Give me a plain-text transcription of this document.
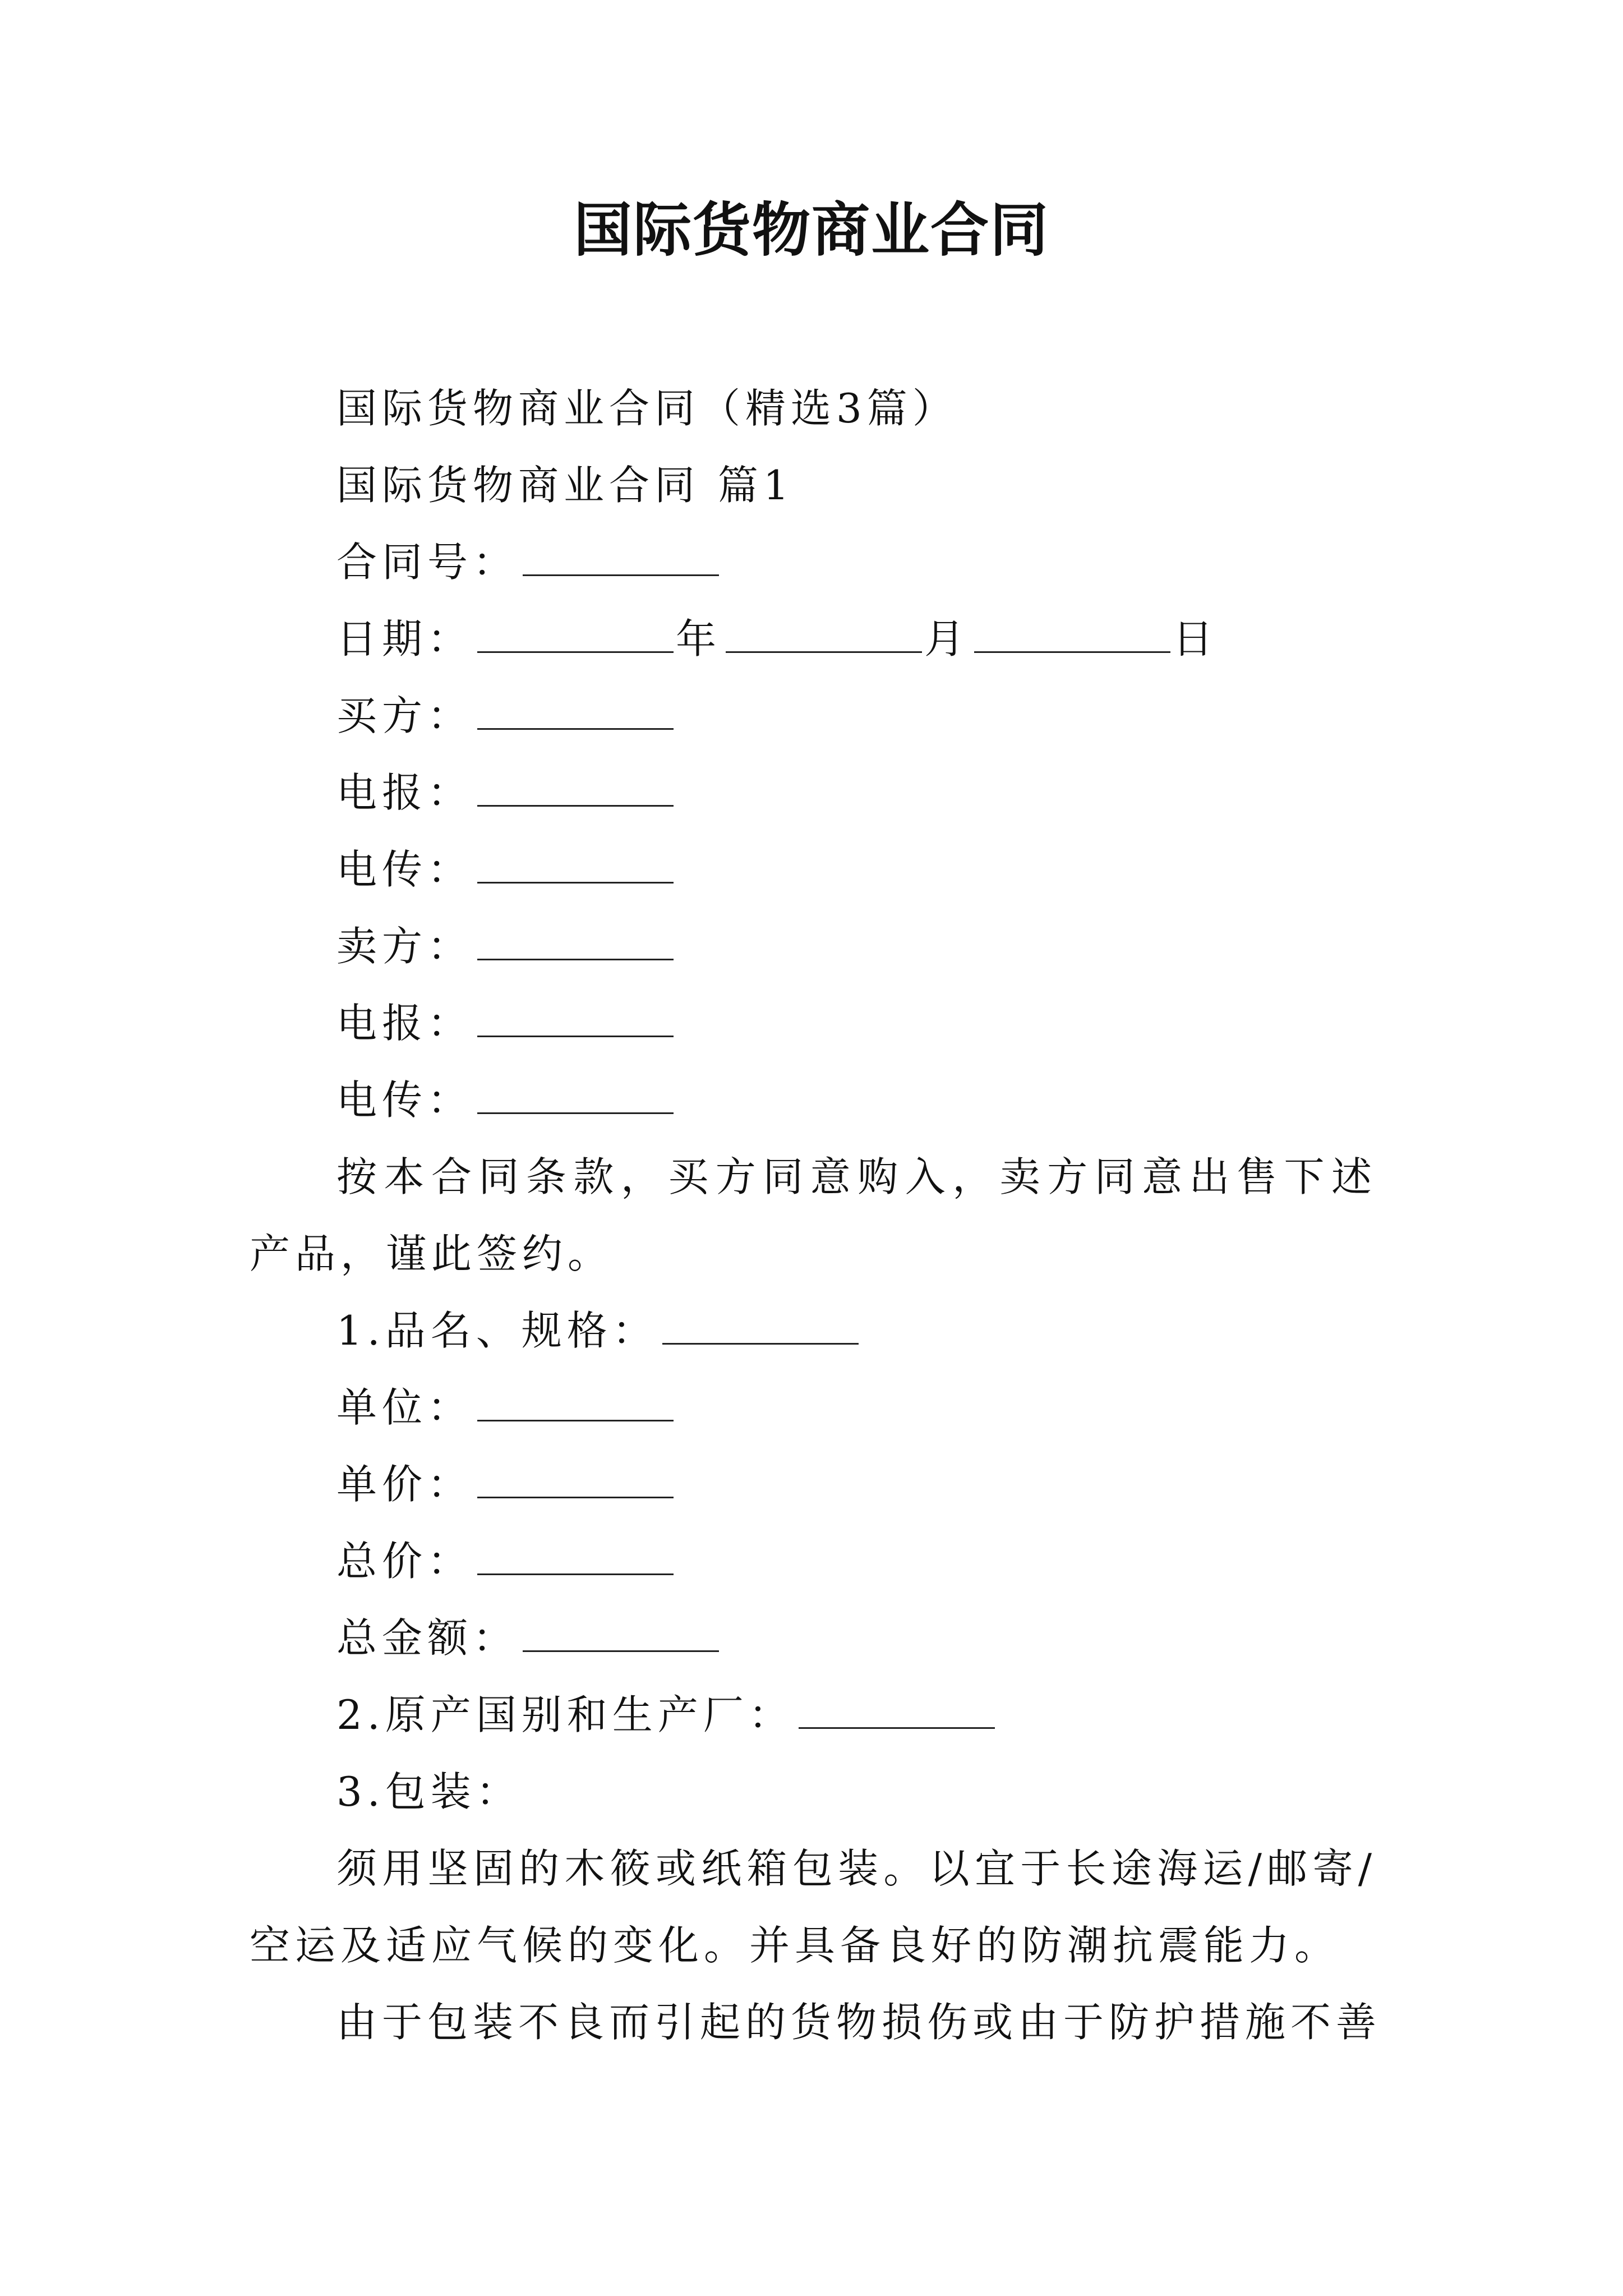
国际货物商业合同
国际货物商业合同（精选3篇）
国际货物商业合同 篇1
合同号：
日期：	年	月	日
买方：
电报：
电传：
卖方：
电报：
电传：

按本合同条款，买方同意购入，卖方同意出售下述产品，谨此签约。

1.品名、规格：
单位：
单价：
总价：
总金额：
2.原产国别和生产厂：
3.包装：

须用坚固的木筱或纸箱包装。以宜于长途海运/邮寄/空运及适应气候的变化。并具备良好的防潮抗震能力。

由于包装不良而引起的货物损伤或由于防护措施不善
